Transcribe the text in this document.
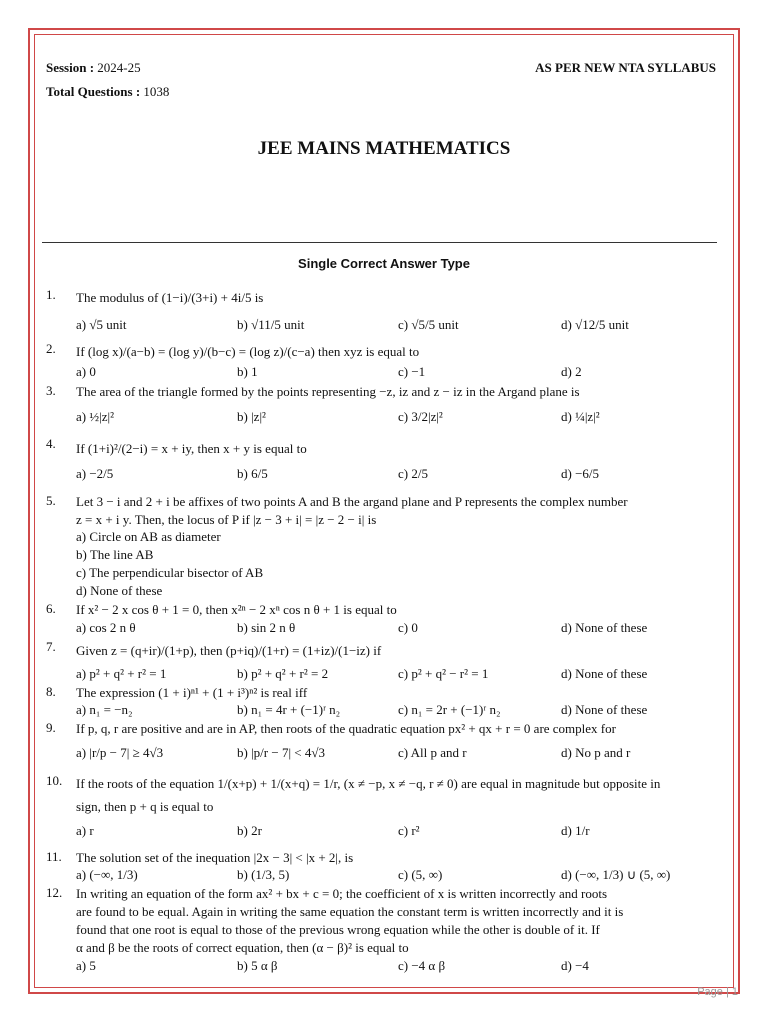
Session : 2024-25
Total Questions : 1038
AS PER NEW NTA SYLLABUS
JEE MAINS MATHEMATICS
Single Correct Answer Type
1. The modulus of (1−i)/(3+i) + 4i/5 is
a) √5 unit	b) √11/5 unit	c) √5/5 unit	d) √12/5 unit
2. If (log x)/(a−b) = (log y)/(b−c) = (log z)/(c−a) then xyz is equal to
a) 0	b) 1	c) −1	d) 2
3. The area of the triangle formed by the points representing −z, iz and z − iz in the Argand plane is
a) ½|z|²	b) |z|²	c) 3/2|z|²	d) ¼|z|²
4. If (1+i)²/(2−i) = x + iy, then x + y is equal to
a) −2/5	b) 6/5	c) 2/5	d) −6/5
5. Let 3 − i and 2 + i be affixes of two points A and B the argand plane and P represents the complex number
z = x + i y. Then, the locus of P if |z − 3 + i| = |z − 2 − i| is
a) Circle on AB as diameter
b) The line AB
c) The perpendicular bisector of AB
d) None of these
6. If x² − 2 x cos θ + 1 = 0, then x²ⁿ − 2 xⁿ cos n θ + 1 is equal to
a) cos 2 n θ	b) sin 2 n θ	c) 0	d) None of these
7. Given z = (q+ir)/(1+p), then (p+iq)/(1+r) = (1+iz)/(1−iz) if
a) p² + q² + r² = 1	b) p² + q² + r² = 2	c) p² + q² − r² = 1	d) None of these
8. The expression (1 + i)ⁿ¹ + (1 + i³)ⁿ² is real iff
a) n₁ = −n₂	b) n₁ = 4r + (−1)ʳ n₂	c) n₁ = 2r + (−1)ʳ n₂	d) None of these
9. If p, q, r are positive and are in AP, then roots of the quadratic equation px² + qx + r = 0 are complex for
a) |r/p − 7| ≥ 4√3	b) |p/r − 7| < 4√3	c) All p and r	d) No p and r
10. If the roots of the equation 1/(x+p) + 1/(x+q) = 1/r, (x ≠ −p, x ≠ −q, r ≠ 0) are equal in magnitude but opposite in
sign, then p + q is equal to
a) r	b) 2r	c) r²	d) 1/r
11. The solution set of the inequation |2x − 3| < |x + 2|, is
a) (−∞, 1/3)	b) (1/3, 5)	c) (5, ∞)	d) (−∞, 1/3) ∪ (5, ∞)
12. In writing an equation of the form ax² + bx + c = 0; the coefficient of x is written incorrectly and roots
are found to be equal. Again in writing the same equation the constant term is written incorrectly and it is
found that one root is equal to those of the previous wrong equation while the other is double of it. If
α and β be the roots of correct equation, then (α − β)² is equal to
a) 5	b) 5 α β	c) −4 α β	d) −4
Page | 1
